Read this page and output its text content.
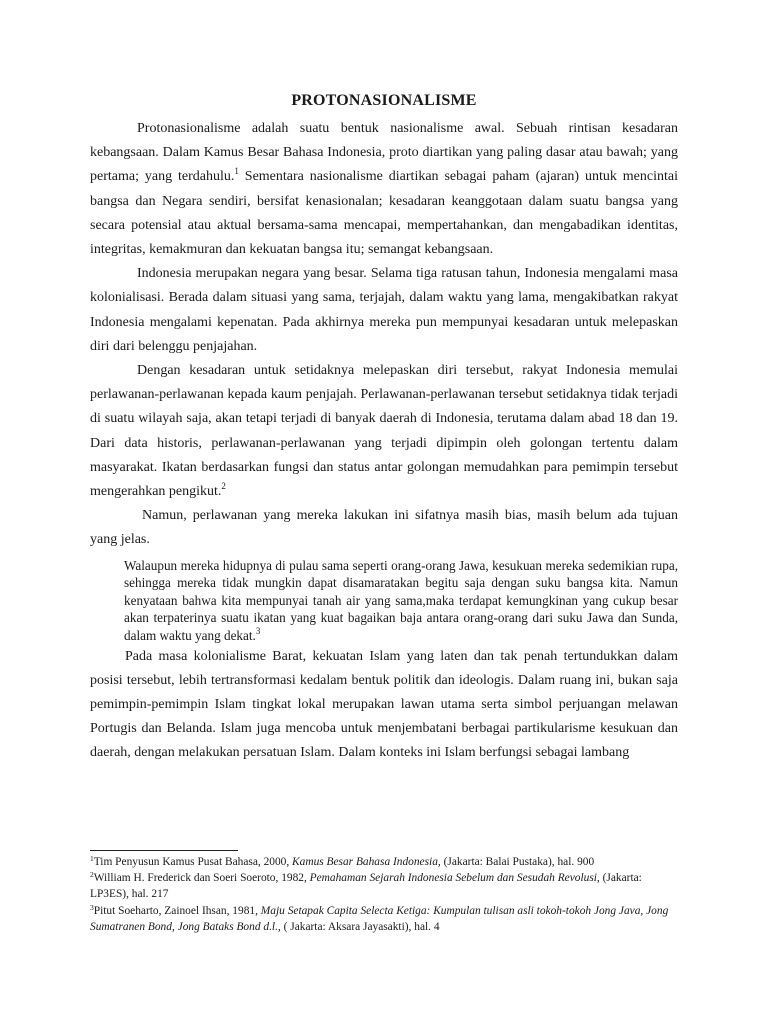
PROTONASIONALISME

Protonasionalisme adalah suatu bentuk nasionalisme awal. Sebuah rintisan kesadaran kebangsaan. Dalam Kamus Besar Bahasa Indonesia, proto diartikan yang paling dasar atau bawah; yang pertama; yang terdahulu.$^1$ Sementara nasionalisme diartikan sebagai paham (ajaran) untuk mencintai bangsa dan Negara sendiri, bersifat kenasionalan; kesadaran keanggotaan dalam suatu bangsa yang secara potensial atau aktual bersama-sama mencapai, mempertahankan, dan mengabadikan identitas, integritas, kemakmuran dan kekuatan bangsa itu; semangat kebangsaan.

Indonesia merupakan negara yang besar. Selama tiga ratusan tahun, Indonesia mengalami masa kolonialisasi. Berada dalam situasi yang sama, terjajah, dalam waktu yang lama, mengakibatkan rakyat Indonesia mengalami kepenatan. Pada akhirnya mereka pun mempunyai kesadaran untuk melepaskan diri dari belenggu penjajahan.

Dengan kesadaran untuk setidaknya melepaskan diri tersebut, rakyat Indonesia memulai perlawanan-perlawanan kepada kaum penjajah. Perlawanan-perlawanan tersebut setidaknya tidak terjadi di suatu wilayah saja, akan tetapi terjadi di banyak daerah di Indonesia, terutama dalam abad 18 dan 19. Dari data historis, perlawanan-perlawanan yang terjadi dipimpin oleh golongan tertentu dalam masyarakat. Ikatan berdasarkan fungsi dan status antar golongan memudahkan para pemimpin tersebut mengerahkan pengikut.$^2$

Namun, perlawanan yang mereka lakukan ini sifatnya masih bias, masih belum ada tujuan yang jelas.

Walaupun mereka hidupnya di pulau sama seperti orang-orang Jawa, kesukuan mereka sedemikian rupa, sehingga mereka tidak mungkin dapat disamaratakan begitu saja dengan suku bangsa kita. Namun kenyataan bahwa kita mempunyai tanah air yang sama,maka terdapat kemungkinan yang cukup besar akan terpaterinya suatu ikatan yang kuat bagaikan baja antara orang-orang dari suku Jawa dan Sunda, dalam waktu yang dekat.$^3$

Pada masa kolonialisme Barat, kekuatan Islam yang laten dan tak penah tertundukkan dalam posisi tersebut, lebih tertransformasi kedalam bentuk politik dan ideologis. Dalam ruang ini, bukan saja pemimpin-pemimpin Islam tingkat lokal merupakan lawan utama serta simbol perjuangan melawan Portugis dan Belanda. Islam juga mencoba untuk menjembatani berbagai partikularisme kesukuan dan daerah, dengan melakukan persatuan Islam. Dalam konteks ini Islam berfungsi sebagai lambang

$^1$Tim Penyusun Kamus Pusat Bahasa, 2000, Kamus Besar Bahasa Indonesia, (Jakarta: Balai Pustaka), hal. 900

$^2$William H. Frederick dan Soeri Soeroto, 1982, Pemahaman Sejarah Indonesia Sebelum dan Sesudah Revolusi, (Jakarta: LP3ES), hal. 217

$^3$Pitut Soeharto, Zainoel Ihsan, 1981, Maju Setapak Capita Selecta Ketiga: Kumpulan tulisan asli tokoh-tokoh Jong Java, Jong Sumatranen Bond, Jong Bataks Bond d.l., ( Jakarta: Aksara Jayasakti), hal. 4
